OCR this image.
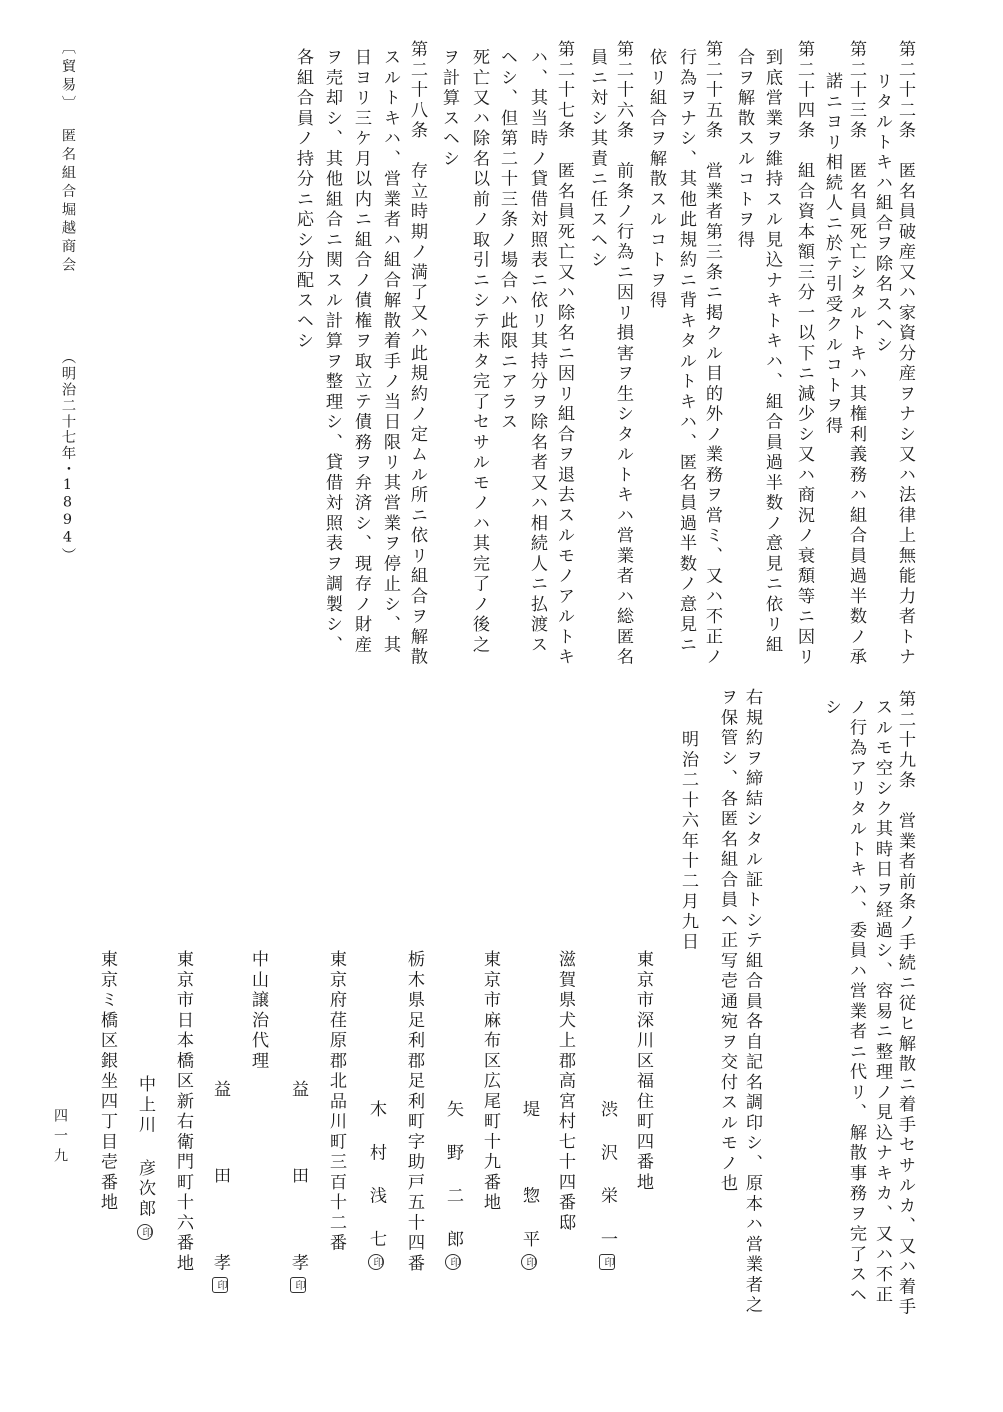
第二十二条　匿名員破産又ハ家資分産ヲナシ又ハ法律上無能力者トナ
リタルトキハ組合ヲ除名スヘシ
第二十三条　匿名員死亡シタルトキハ其権利義務ハ組合員過半数ノ承
諾ニヨリ相続人ニ於テ引受クルコトヲ得
第二十四条　組合資本額三分一以下ニ減少シ又ハ商況ノ衰頽等ニ因リ
到底営業ヲ維持スル見込ナキトキハ、組合員過半数ノ意見ニ依リ組
合ヲ解散スルコトヲ得
第二十五条　営業者第三条ニ掲クル目的外ノ業務ヲ営ミ、又ハ不正ノ
行為ヲナシ、其他此規約ニ背キタルトキハ、匿名員過半数ノ意見ニ
依リ組合ヲ解散スルコトヲ得
第二十六条　前条ノ行為ニ因リ損害ヲ生シタルトキハ営業者ハ総匿名
員ニ対シ其責ニ任スヘシ
第二十七条　匿名員死亡又ハ除名ニ因リ組合ヲ退去スルモノアルトキ
ハ、其当時ノ貸借対照表ニ依リ其持分ヲ除名者又ハ相続人ニ払渡ス
ヘシ、但第二十三条ノ場合ハ此限ニアラス
死亡又ハ除名以前ノ取引ニシテ未タ完了セサルモノハ其完了ノ後之
ヲ計算スヘシ
第二十八条　存立時期ノ満了又ハ此規約ノ定ムル所ニ依リ組合ヲ解散
スルトキハ、営業者ハ組合解散着手ノ当日限リ其営業ヲ停止シ、其
日ヨリ三ケ月以内ニ組合ノ債権ヲ取立テ債務ヲ弁済シ、現存ノ財産
ヲ売却シ、其他組合ニ関スル計算ヲ整理シ、貸借対照表ヲ調製シ、
各組合員ノ持分ニ応シ分配スヘシ
〔貿易〕
匿名組合堀越商会
（明治二十七年・1894）
第二十九条　営業者前条ノ手続ニ従ヒ解散ニ着手セサルカ、又ハ着手
スルモ空シク其時日ヲ経過シ、容易ニ整理ノ見込ナキカ、又ハ不正
ノ行為アリタルトキハ、委員ハ営業者ニ代リ、解散事務ヲ完了スヘ
シ
右規約ヲ締結シタル証トシテ組合員各自記名調印シ、原本ハ営業者之
ヲ保管シ、各匿名組合員ヘ正写壱通宛ヲ交付スルモノ也
明治二十六年十二月九日
東京市深川区福住町四番地
渋 沢 栄 一印
滋賀県犬上郡高宮村七十四番邸
堤 　 惣 平印
東京市麻布区広尾町十九番地
矢 野 二 郎印
栃木県足利郡足利町字助戸五十四番
木 村 浅 七印
東京府荏原郡北品川町三百十二番
益 　 田 　 孝印
中山譲治代理
益 　 田 　 孝印
東京市日本橋区新右衛門町十六番地
中上川 彦次郎印
東京ミ橋区銀坐四丁目壱番地
四一九
